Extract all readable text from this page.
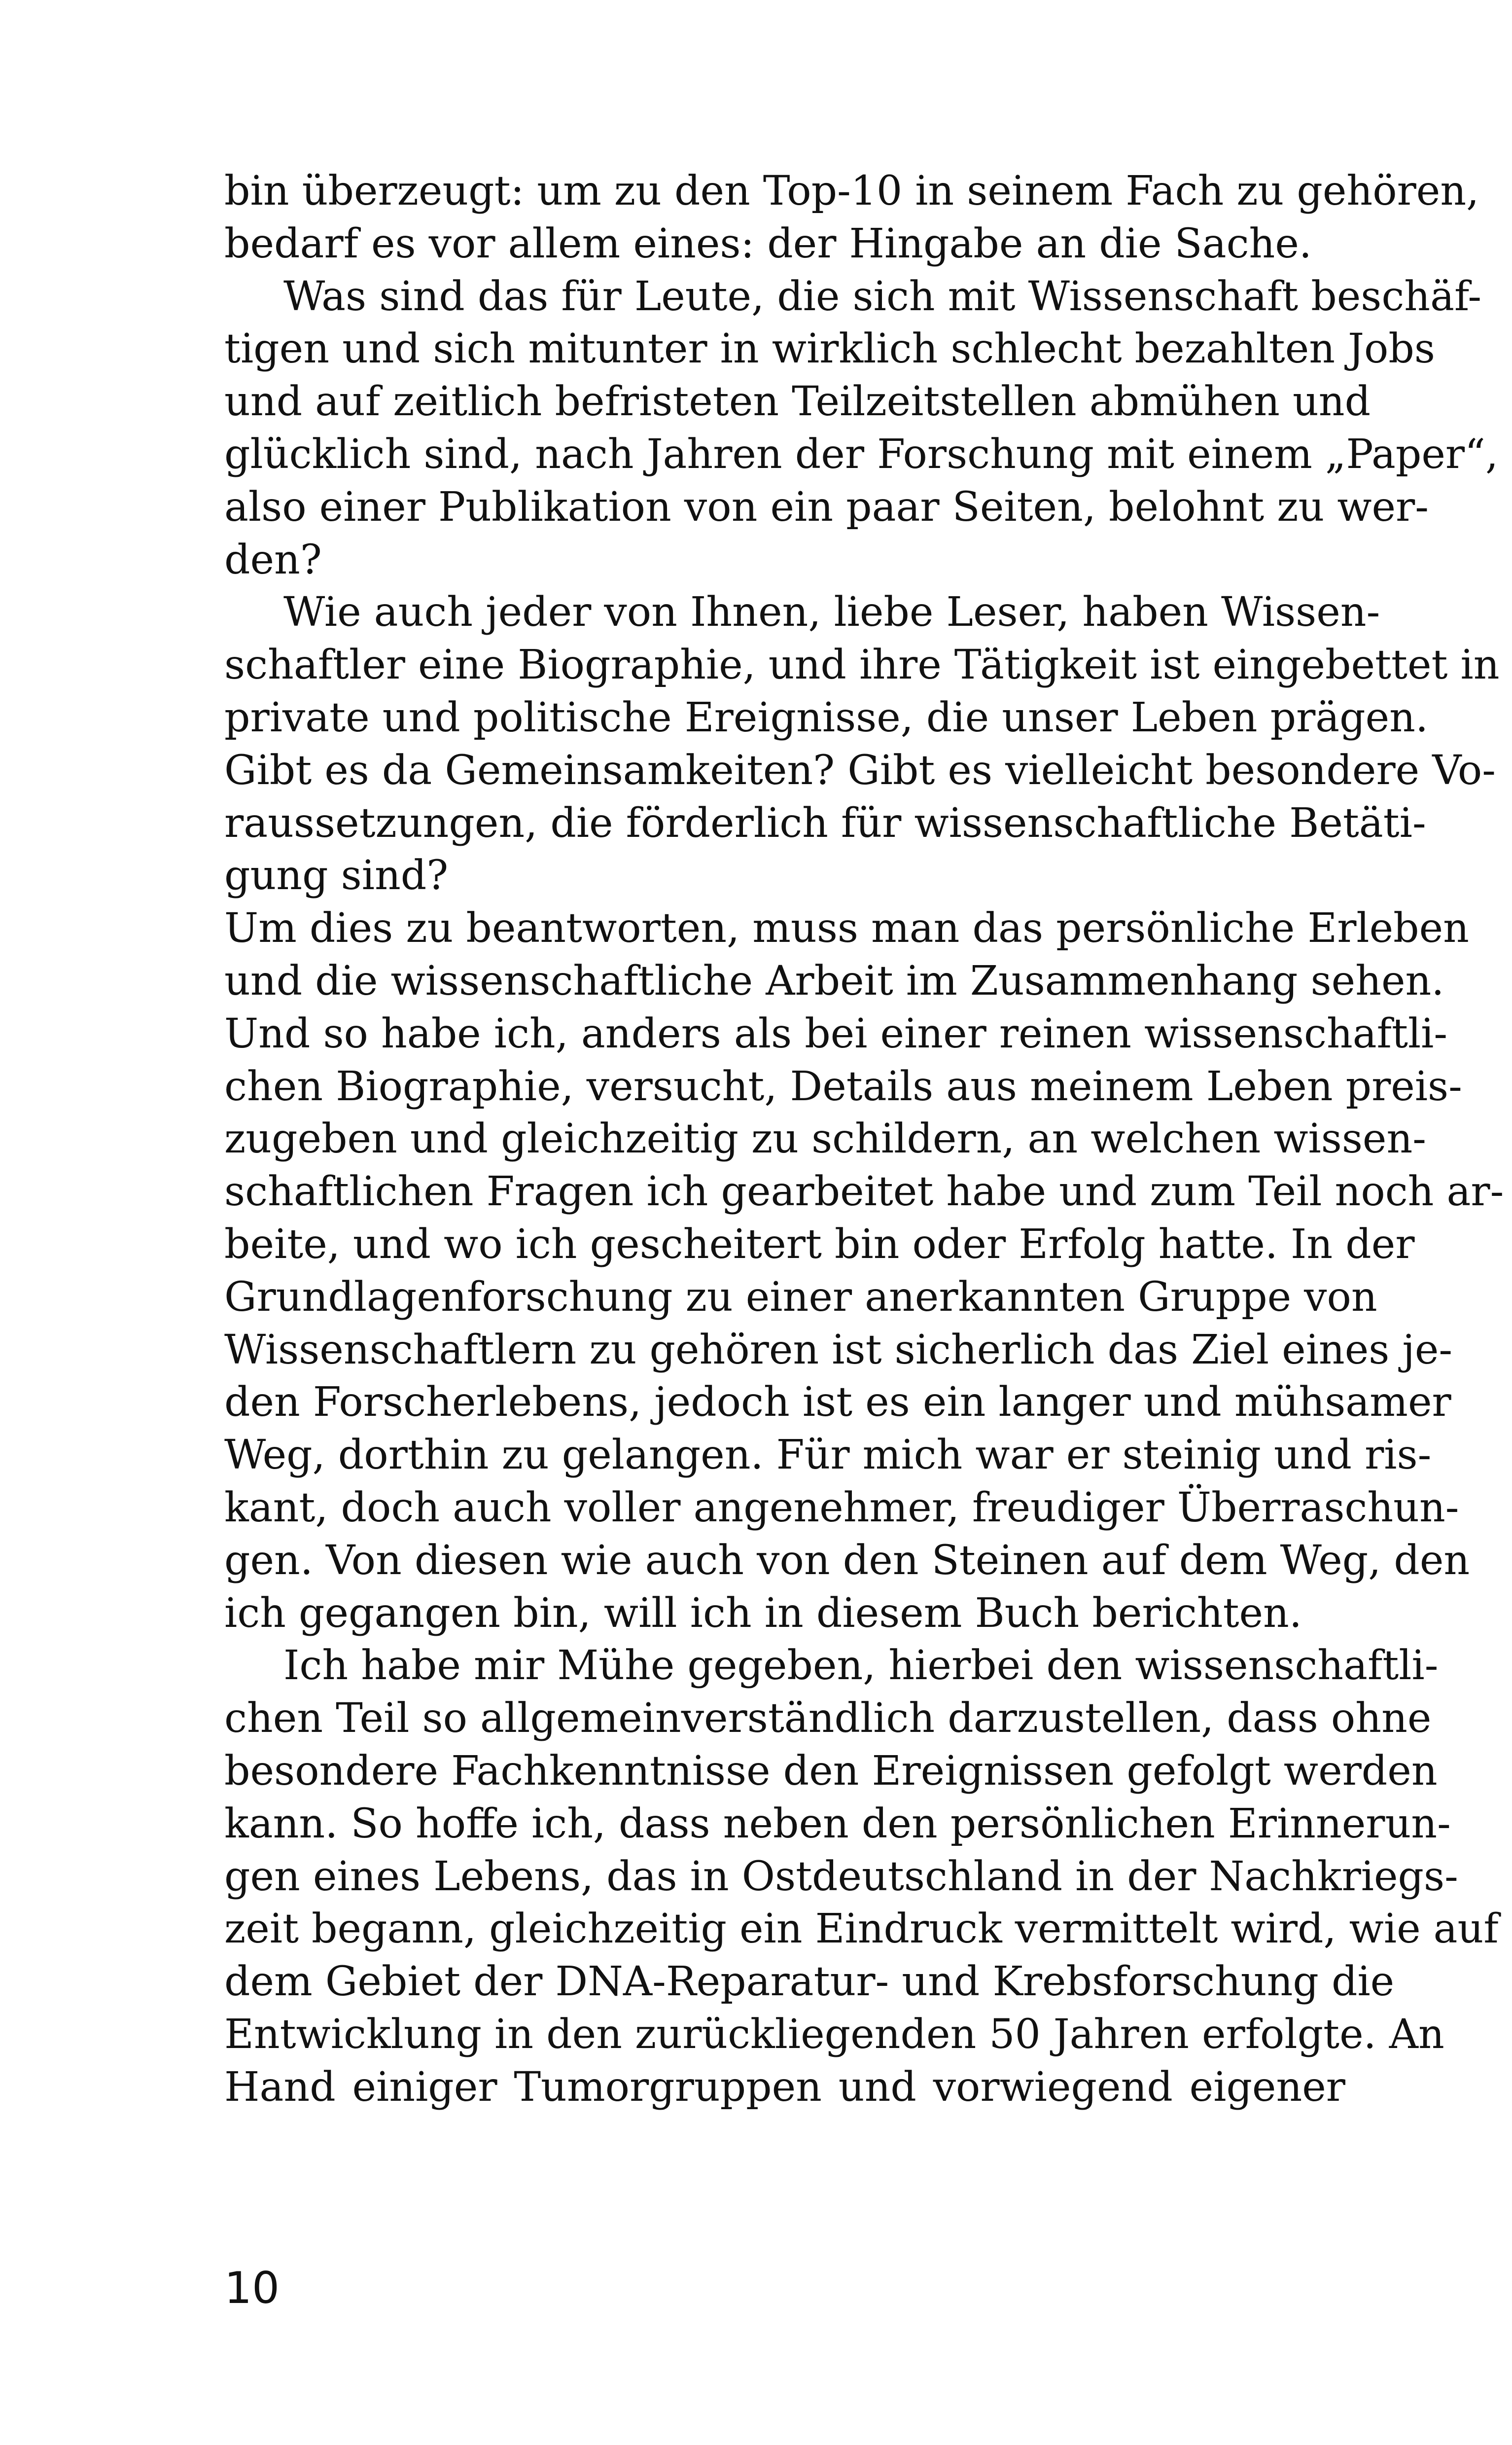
bin überzeugt: um zu den Top-10 in seinem Fach zu gehören,
bedarf es vor allem eines: der Hingabe an die Sache.
Was sind das für Leute, die sich mit Wissenschaft beschäf-
tigen und sich mitunter in wirklich schlecht bezahlten Jobs
und auf zeitlich befristeten Teilzeitstellen abmühen und
glücklich sind, nach Jahren der Forschung mit einem „Paper“,
also einer Publikation von ein paar Seiten, belohnt zu wer-
den?
Wie auch jeder von Ihnen, liebe Leser, haben Wissen-
schaftler eine Biographie, und ihre Tätigkeit ist eingebettet in
private und politische Ereignisse, die unser Leben prägen.
Gibt es da Gemeinsamkeiten? Gibt es vielleicht besondere Vo-
raussetzungen, die förderlich für wissenschaftliche Betäti-
gung sind?
Um dies zu beantworten, muss man das persönliche Erleben
und die wissenschaftliche Arbeit im Zusammenhang sehen.
Und so habe ich, anders als bei einer reinen wissenschaftli-
chen Biographie, versucht, Details aus meinem Leben preis-
zugeben und gleichzeitig zu schildern, an welchen wissen-
schaftlichen Fragen ich gearbeitet habe und zum Teil noch ar-
beite, und wo ich gescheitert bin oder Erfolg hatte. In der
Grundlagenforschung zu einer anerkannten Gruppe von
Wissenschaftlern zu gehören ist sicherlich das Ziel eines je-
den Forscherlebens, jedoch ist es ein langer und mühsamer
Weg, dorthin zu gelangen. Für mich war er steinig und ris-
kant, doch auch voller angenehmer, freudiger Überraschun-
gen. Von diesen wie auch von den Steinen auf dem Weg, den
ich gegangen bin, will ich in diesem Buch berichten.
Ich habe mir Mühe gegeben, hierbei den wissenschaftli-
chen Teil so allgemeinverständlich darzustellen, dass ohne
besondere Fachkenntnisse den Ereignissen gefolgt werden
kann. So hoffe ich, dass neben den persönlichen Erinnerun-
gen eines Lebens, das in Ostdeutschland in der Nachkriegs-
zeit begann, gleichzeitig ein Eindruck vermittelt wird, wie auf
dem Gebiet der DNA-Reparatur- und Krebsforschung die
Entwicklung in den zurückliegenden 50 Jahren erfolgte. An
Hand einiger Tumorgruppen und vorwiegend eigener
10
